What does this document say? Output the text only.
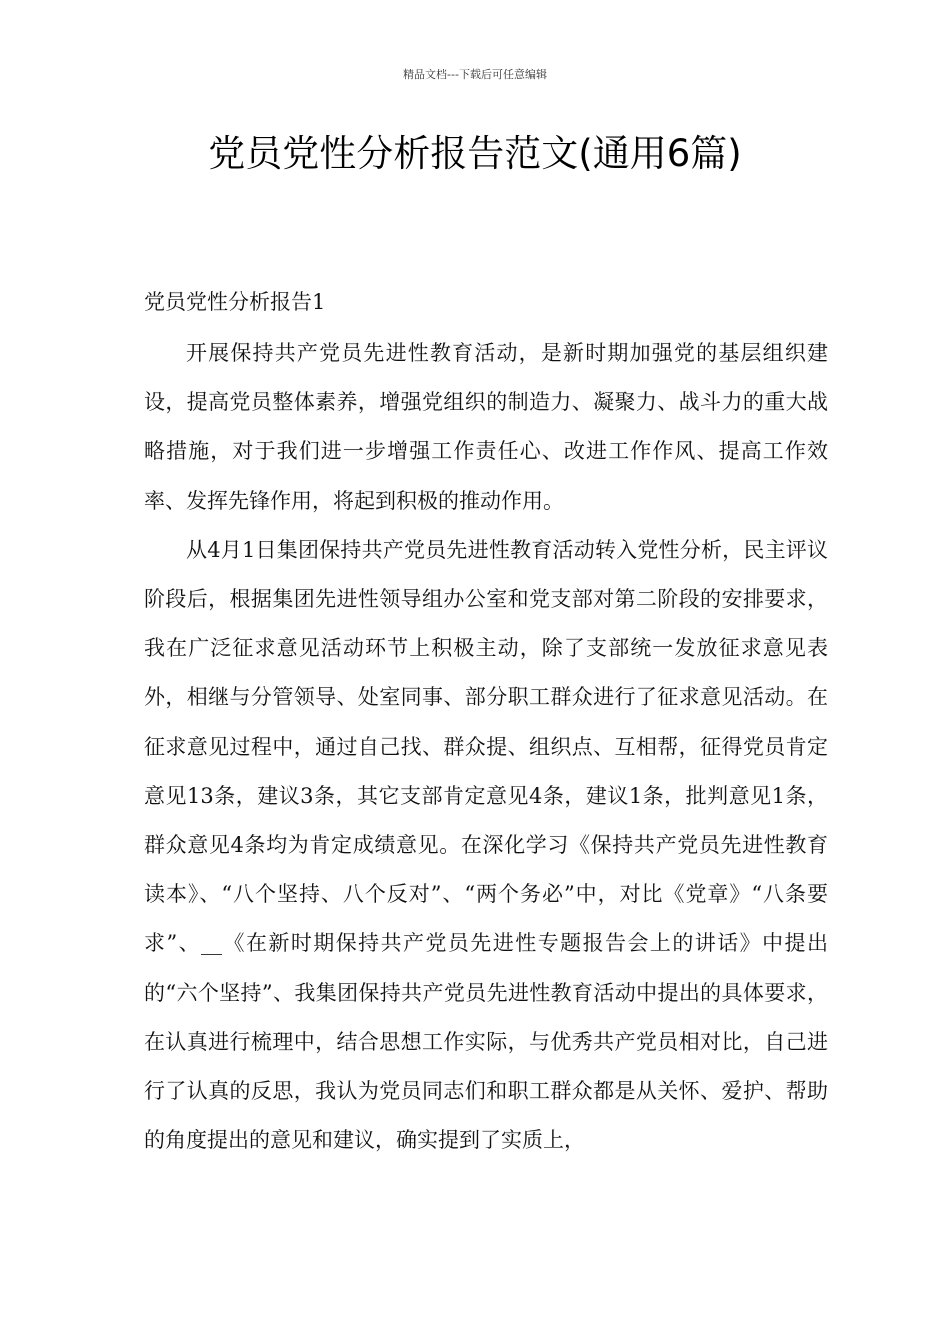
精品文档---下载后可任意编辑
党员党性分析报告范文(通用6篇)
党员党性分析报告1

开展保持共产党员先进性教育活动，是新时期加强党的基层组织建设，提高党员整体素养，增强党组织的制造力、凝聚力、战斗力的重大战略措施，对于我们进一步增强工作责任心、改进工作作风、提高工作效率、发挥先锋作用，将起到积极的推动作用。

从4月1日集团保持共产党员先进性教育活动转入党性分析，民主评议阶段后，根据集团先进性领导组办公室和党支部对第二阶段的安排要求，我在广泛征求意见活动环节上积极主动，除了支部统一发放征求意见表外，相继与分管领导、处室同事、部分职工群众进行了征求意见活动。在征求意见过程中，通过自己找、群众提、组织点、互相帮，征得党员肯定意见13条，建议3条，其它支部肯定意见4条，建议1条，批判意见1条，群众意见4条均为肯定成绩意见。在深化学习《保持共产党员先进性教育读本》、“八个坚持、八个反对”、“两个务必”中，对比《党章》“八条要求”、__《在新时期保持共产党员先进性专题报告会上的讲话》中提出的“六个坚持”、我集团保持共产党员先进性教育活动中提出的具体要求，在认真进行梳理中，结合思想工作实际，与优秀共产党员相对比，自己进行了认真的反思，我认为党员同志们和职工群众都是从关怀、爱护、帮助的角度提出的意见和建议，确实提到了实质上，
